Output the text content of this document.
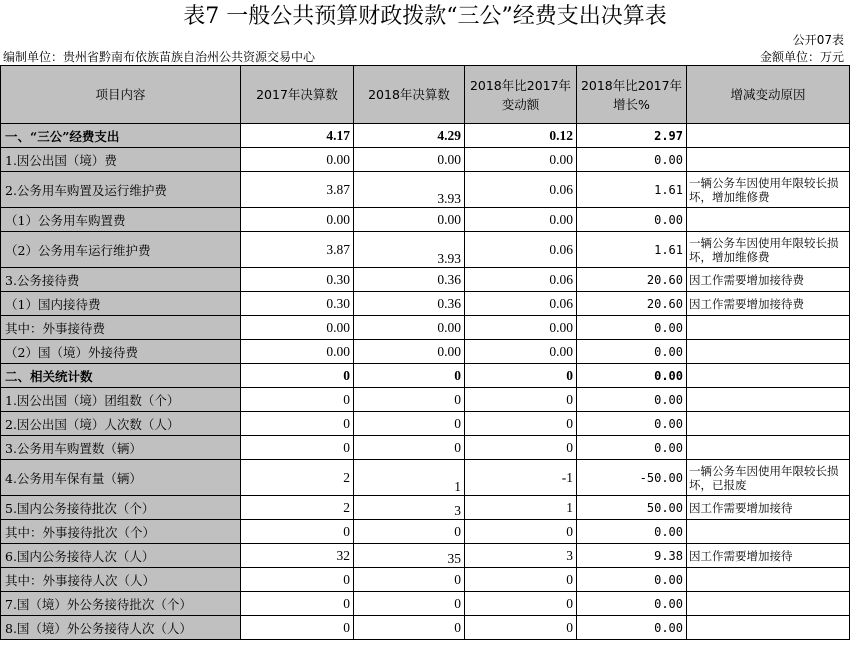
表7 一般公共预算财政拨款“三公”经费支出决算表
公开07表
编制单位：贵州省黔南布依族苗族自治州公共资源交易中心	金额单位：万元
项目内容	2017年决算数	2018年决算数	2018年比2017年变动额	2018年比2017年增长%	增减变动原因
一、“三公”经费支出	4.17	4.29	0.12	2.97	
1.因公出国（境）费	0.00	0.00	0.00	0.00	
2.公务用车购置及运行维护费	3.87	3.93	0.06	1.61	一辆公务车因使用年限较长损坏，增加维修费
（1）公务用车购置费	0.00	0.00	0.00	0.00	
（2）公务用车运行维护费	3.87	3.93	0.06	1.61	一辆公务车因使用年限较长损坏，增加维修费
3.公务接待费	0.30	0.36	0.06	20.60	因工作需要增加接待费
（1）国内接待费	0.30	0.36	0.06	20.60	因工作需要增加接待费
其中：外事接待费	0.00	0.00	0.00	0.00	
（2）国（境）外接待费	0.00	0.00	0.00	0.00	
二、相关统计数	0	0	0	0.00	
1.因公出国（境）团组数（个）	0	0	0	0.00	
2.因公出国（境）人次数（人）	0	0	0	0.00	
3.公务用车购置数（辆）	0	0	0	0.00	
4.公务用车保有量（辆）	2	1	-1	-50.00	一辆公务车因使用年限较长损坏，已报废
5.国内公务接待批次（个）	2	3	1	50.00	因工作需要增加接待
其中：外事接待批次（个）	0	0	0	0.00	
6.国内公务接待人次（人）	32	35	3	9.38	因工作需要增加接待
其中：外事接待人次（人）	0	0	0	0.00	
7.国（境）外公务接待批次（个）	0	0	0	0.00	
8.国（境）外公务接待人次（人）	0	0	0	0.00	
